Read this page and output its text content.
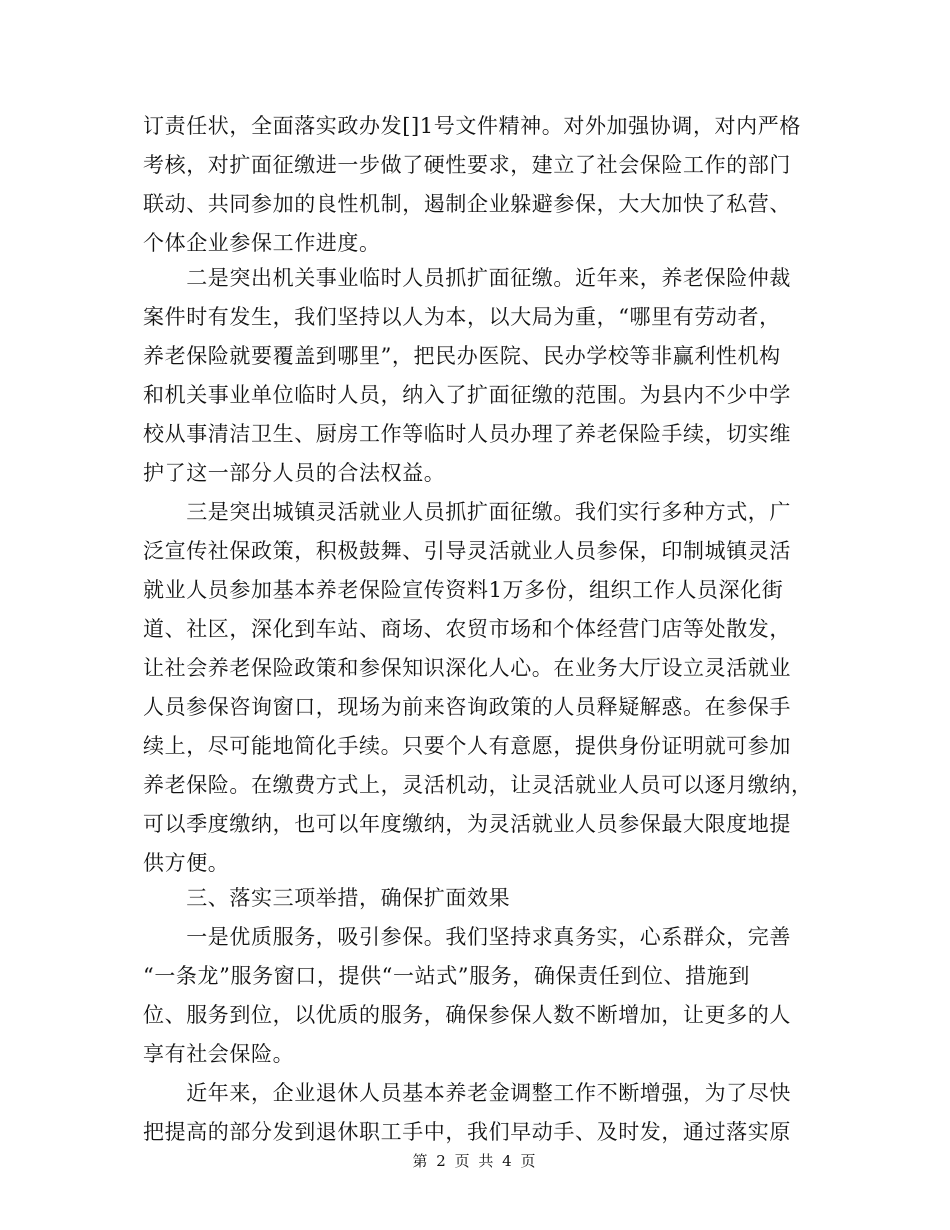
订责任状，全面落实政办发[]1号文件精神。对外加强协调，对内严格
考核，对扩面征缴进一步做了硬性要求，建立了社会保险工作的部门
联动、共同参加的良性机制，遏制企业躲避参保，大大加快了私营、
个体企业参保工作进度。
　　二是突出机关事业临时人员抓扩面征缴。近年来，养老保险仲裁
案件时有发生，我们坚持以人为本，以大局为重，“哪里有劳动者，
养老保险就要覆盖到哪里”，把民办医院、民办学校等非赢利性机构
和机关事业单位临时人员，纳入了扩面征缴的范围。为县内不少中学
校从事清洁卫生、厨房工作等临时人员办理了养老保险手续，切实维
护了这一部分人员的合法权益。
　　三是突出城镇灵活就业人员抓扩面征缴。我们实行多种方式，广
泛宣传社保政策，积极鼓舞、引导灵活就业人员参保，印制城镇灵活
就业人员参加基本养老保险宣传资料1万多份，组织工作人员深化街
道、社区，深化到车站、商场、农贸市场和个体经营门店等处散发，
让社会养老保险政策和参保知识深化人心。在业务大厅设立灵活就业
人员参保咨询窗口，现场为前来咨询政策的人员释疑解惑。在参保手
续上，尽可能地简化手续。只要个人有意愿，提供身份证明就可参加
养老保险。在缴费方式上，灵活机动，让灵活就业人员可以逐月缴纳，
可以季度缴纳，也可以年度缴纳，为灵活就业人员参保最大限度地提
供方便。
　　三、落实三项举措，确保扩面效果
　　一是优质服务，吸引参保。我们坚持求真务实，心系群众，完善
“一条龙”服务窗口，提供“一站式”服务，确保责任到位、措施到
位、服务到位，以优质的服务，确保参保人数不断增加，让更多的人
享有社会保险。
　　近年来，企业退休人员基本养老金调整工作不断增强，为了尽快
把提高的部分发到退休职工手中，我们早动手、及时发，通过落实原
第 2 页 共 4 页
